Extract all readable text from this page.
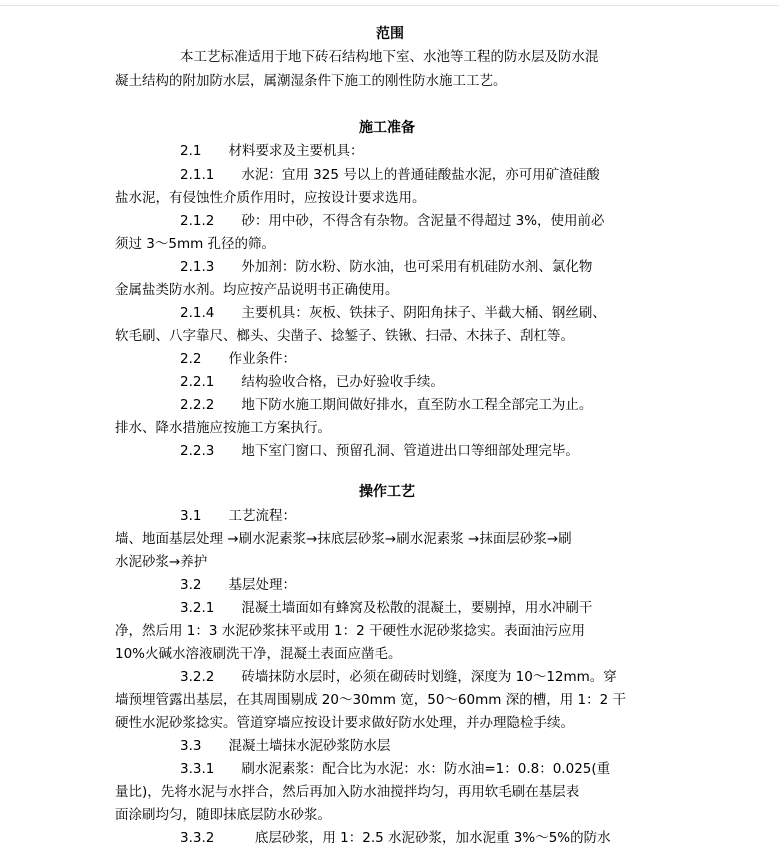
范围
本工艺标准适用于地下砖石结构地下室、水池等工程的防水层及防水混
凝土结构的附加防水层，属潮湿条件下施工的刚性防水施工工艺。
施工准备
2.1　　材料要求及主要机具：
2.1.1　　水泥：宜用 325 号以上的普通硅酸盐水泥，亦可用矿渣硅酸
盐水泥，有侵蚀性介质作用时，应按设计要求选用。
2.1.2　　砂：用中砂，不得含有杂物。含泥量不得超过 3%，使用前必
须过 3～5mm 孔径的筛。
2.1.3　　外加剂：防水粉、防水油，也可采用有机硅防水剂、氯化物
金属盐类防水剂。均应按产品说明书正确使用。
2.1.4　　主要机具：灰板、铁抹子、阴阳角抹子、半截大桶、钢丝刷、
软毛刷、八字靠尺、榔头、尖凿子、捻錾子、铁锹、扫帚、木抹子、刮杠等。
2.2　　作业条件：
2.2.1　　结构验收合格，已办好验收手续。
2.2.2　　地下防水施工期间做好排水，直至防水工程全部完工为止。
排水、降水措施应按施工方案执行。
2.2.3　　地下室门窗口、预留孔洞、管道进出口等细部处理完毕。
操作工艺
3.1　　工艺流程：
墙、地面基层处理 →刷水泥素浆→抹底层砂浆→刷水泥素浆 →抹面层砂浆→刷
水泥砂浆→养护
3.2　　基层处理：
3.2.1　　混凝土墙面如有蜂窝及松散的混凝土，要剔掉，用水冲刷干
净，然后用 1：3 水泥砂浆抹平或用 1：2 干硬性水泥砂浆捻实。表面油污应用
10%火碱水溶液刷洗干净，混凝土表面应凿毛。
3.2.2　　砖墙抹防水层时，必须在砌砖时划缝，深度为 10～12mm。穿
墙预埋管露出基层，在其周围剔成 20～30mm 宽，50～60mm 深的槽，用 1：2 干
硬性水泥砂浆捻实。管道穿墙应按设计要求做好防水处理，并办理隐检手续。
3.3　　混凝土墙抹水泥砂浆防水层
3.3.1　　刷水泥素浆：配合比为水泥：水：防水油=1：0.8：0.025(重
量比)，先将水泥与水拌合，然后再加入防水油搅拌均匀，再用软毛刷在基层表
面涂刷均匀，随即抹底层防水砂浆。
3.3.2　　　底层砂浆，用 1：2.5 水泥砂浆，加水泥重 3%～5%的防水
